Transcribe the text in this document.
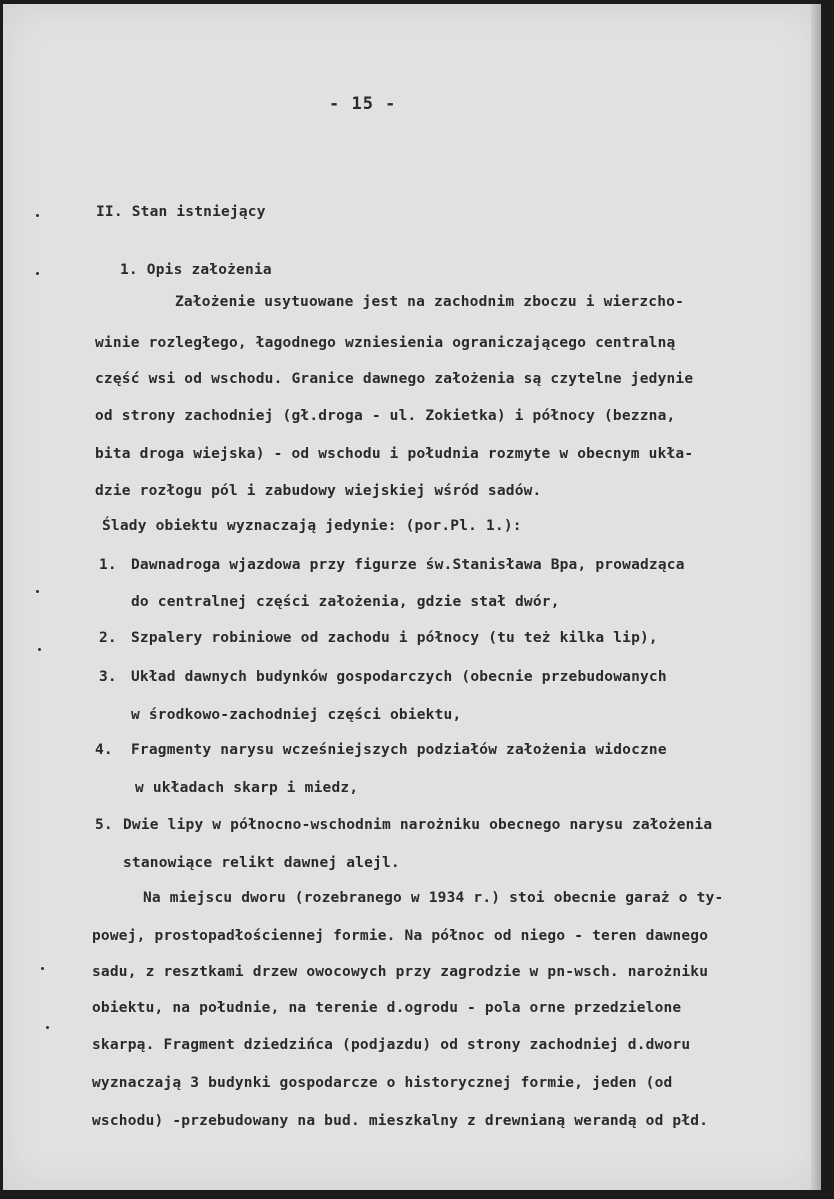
- 15 -
II. Stan istniejący
1. Opis założenia
Założenie usytuowane jest na zachodnim zboczu i wierzcho-
winie rozległego, łagodnego wzniesienia ograniczającego centralną
część wsi od wschodu. Granice dawnego założenia są czytelne jedynie
od strony zachodniej (gł.droga - ul. Zokietka) i północy (bezzna,
bita droga wiejska) - od wschodu i południa rozmyte w obecnym ukła-
dzie rozłogu pól i zabudowy wiejskiej wśród sadów.
Ślady obiektu wyznaczają jedynie: (por.Pl. 1.):
1. Dawnadroga wjazdowa przy figurze św.Stanisława Bpa, prowadząca
do centralnej części założenia, gdzie stał dwór,
2. Szpalery robiniowe od zachodu i północy (tu też kilka lip),
3. Układ dawnych budynków gospodarczych (obecnie przebudowanych
w środkowo-zachodniej części obiektu,
4. Fragmenty narysu wcześniejszych podziałów założenia widoczne
w układach skarp i miedz,
5. Dwie lipy w północno-wschodnim narożniku obecnego narysu założenia
stanowiące relikt dawnej alejl.
Na miejscu dworu (rozebranego w 1934 r.) stoi obecnie garaż o ty-
powej, prostopadłościennej formie. Na północ od niego - teren dawnego
sadu, z resztkami drzew owocowych przy zagrodzie w pn-wsch. narożniku
obiektu, na południe, na terenie d.ogrodu - pola orne przedzielone
skarpą. Fragment dziedzińca (podjazdu) od strony zachodniej d.dworu
wyznaczają 3 budynki gospodarcze o historycznej formie, jeden (od
wschodu) -przebudowany na bud. mieszkalny z drewnianą werandą od płd.
